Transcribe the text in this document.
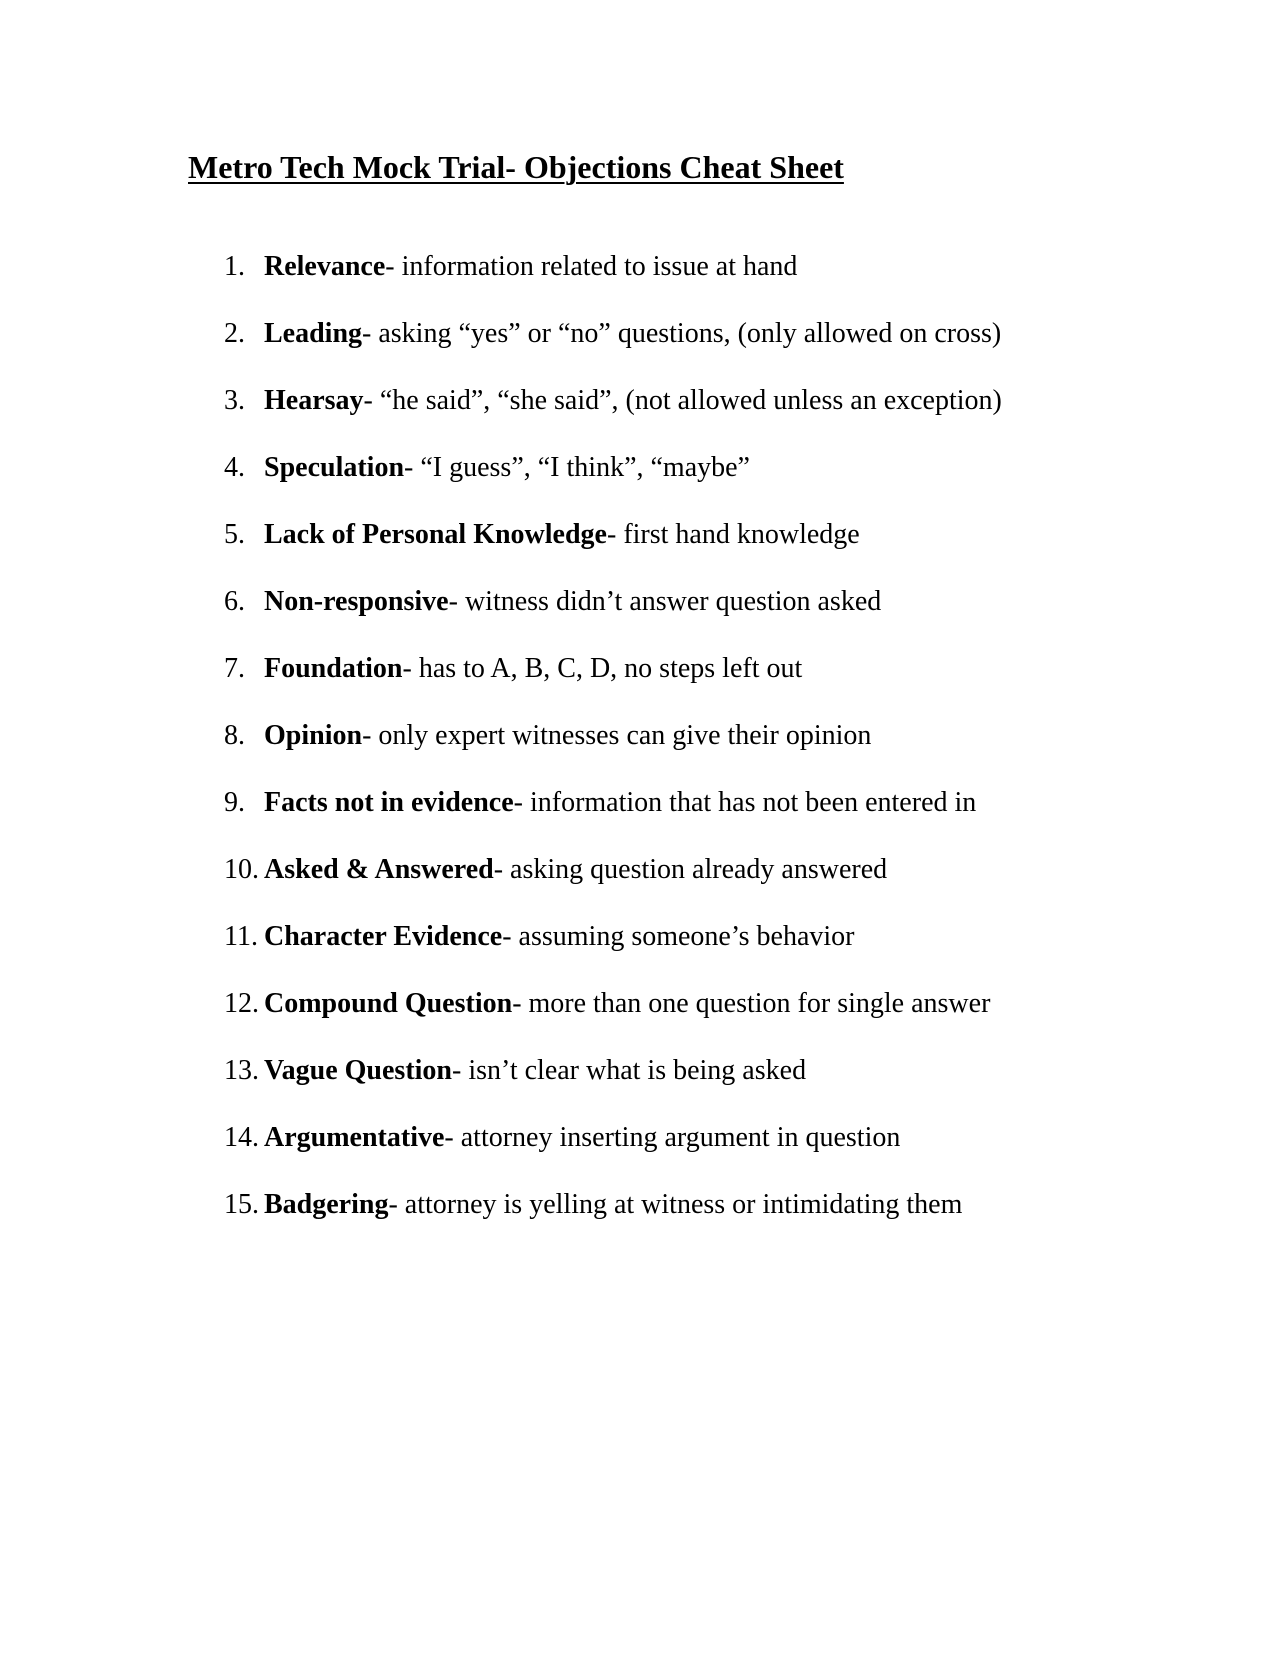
Metro Tech Mock Trial- Objections Cheat Sheet
1. Relevance- information related to issue at hand
2. Leading- asking “yes” or “no” questions, (only allowed on cross)
3. Hearsay- “he said”, “she said”, (not allowed unless an exception)
4. Speculation- “I guess”, “I think”, “maybe”
5. Lack of Personal Knowledge- first hand knowledge
6. Non-responsive- witness didn’t answer question asked
7. Foundation- has to A, B, C, D, no steps left out
8. Opinion- only expert witnesses can give their opinion
9. Facts not in evidence- information that has not been entered in
10. Asked & Answered- asking question already answered
11. Character Evidence- assuming someone’s behavior
12. Compound Question- more than one question for single answer
13. Vague Question- isn’t clear what is being asked
14. Argumentative- attorney inserting argument in question
15. Badgering- attorney is yelling at witness or intimidating them
